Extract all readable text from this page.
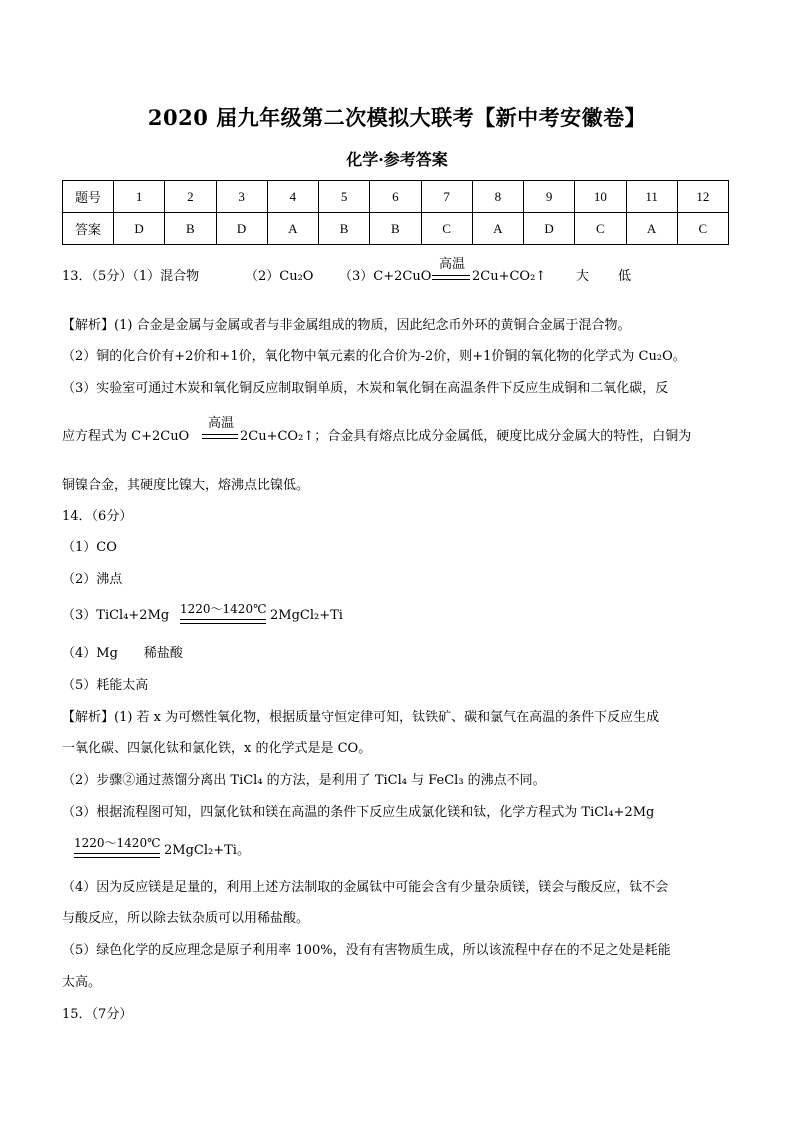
2020 届九年级第二次模拟大联考【新中考安徽卷】
化学·参考答案
题号	1	2	3	4	5	6	7	8	9	10	11	12
答案	D	B	D	A	B	B	C	A	D	C	A	C
13．（5分）（1）混合物	（2）Cu₂O （3）C+2CuO
高温
2Cu+CO₂↑ 大 低
【解析】(1) 合金是金属与金属或者与非金属组成的物质，因此纪念币外环的黄铜合金属于混合物。
（2）铜的化合价有+2价和+1价，氧化物中氧元素的化合价为-2价，则+1价铜的氧化物的化学式为 Cu₂O。
（3）实验室可通过木炭和氧化铜反应制取铜单质，木炭和氧化铜在高温条件下反应生成铜和二氧化碳，反
应方程式为 C+2CuO
高温
2Cu+CO₂↑；合金具有熔点比成分金属低，硬度比成分金属大的特性，白铜为
铜镍合金，其硬度比镍大，熔沸点比镍低。
14．（6分）
（1）CO
（2）沸点
（3）TiCl₄+2Mg 1220～1420℃ 2MgCl₂+Ti
（4）Mg　　稀盐酸
（5）耗能太高
【解析】(1) 若 x 为可燃性氧化物，根据质量守恒定律可知，钛铁矿、碳和氯气在高温的条件下反应生成
一氧化碳、四氯化钛和氯化铁，x 的化学式是是 CO。
（2）步骤②通过蒸馏分离出 TiCl₄ 的方法，是利用了 TiCl₄ 与 FeCl₃ 的沸点不同。
（3）根据流程图可知，四氯化钛和镁在高温的条件下反应生成氯化镁和钛，化学方程式为 TiCl₄+2Mg
1220～1420℃ 2MgCl₂+Ti。
（4）因为反应镁是足量的，利用上述方法制取的金属钛中可能会含有少量杂质镁，镁会与酸反应，钛不会
与酸反应，所以除去钛杂质可以用稀盐酸。
（5）绿色化学的反应理念是原子利用率 100%，没有有害物质生成，所以该流程中存在的不足之处是耗能
太高。
15．（7分）
